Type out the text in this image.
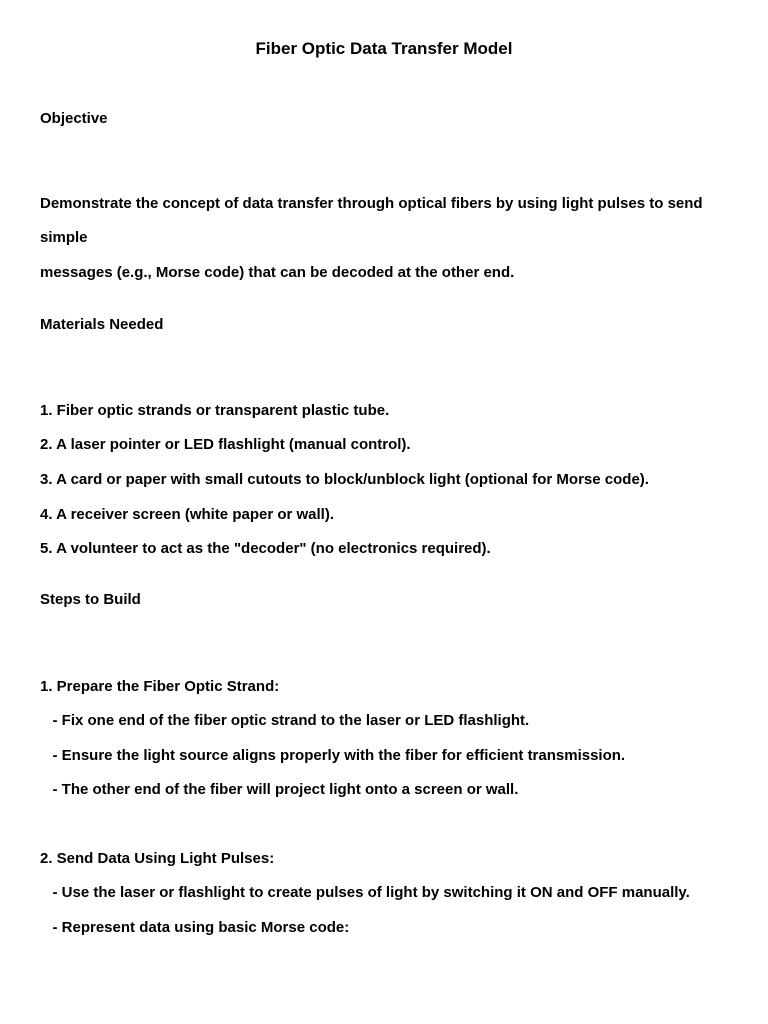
Fiber Optic Data Transfer Model
Objective
Demonstrate the concept of data transfer through optical fibers by using light pulses to send
simple
messages (e.g., Morse code) that can be decoded at the other end.
Materials Needed
1. Fiber optic strands or transparent plastic tube.
2. A laser pointer or LED flashlight (manual control).
3. A card or paper with small cutouts to block/unblock light (optional for Morse code).
4. A receiver screen (white paper or wall).
5. A volunteer to act as the "decoder" (no electronics required).
Steps to Build
1. Prepare the Fiber Optic Strand:
- Fix one end of the fiber optic strand to the laser or LED flashlight.
- Ensure the light source aligns properly with the fiber for efficient transmission.
- The other end of the fiber will project light onto a screen or wall.
2. Send Data Using Light Pulses:
- Use the laser or flashlight to create pulses of light by switching it ON and OFF manually.
- Represent data using basic Morse code:
